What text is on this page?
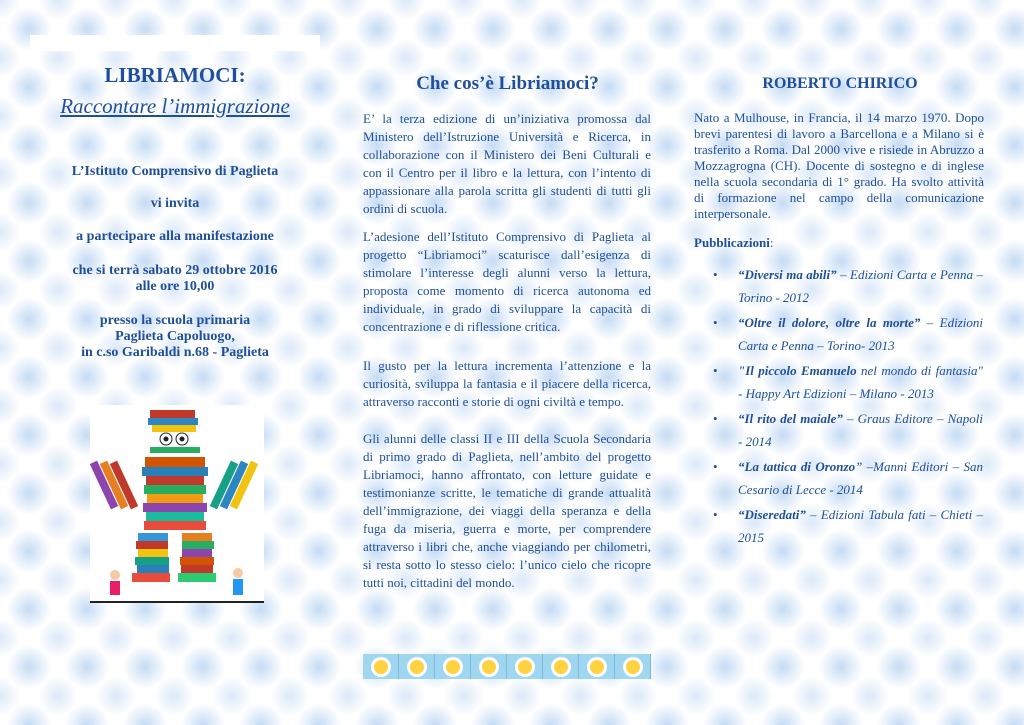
LIBRIAMOCI:
Raccontare l’immigrazione
L’Istituto Comprensivo di Paglieta
vi invita
a partecipare alla manifestazione
che si terrà sabato 29 ottobre 2016
alle ore 10,00
presso la scuola primaria
Paglieta Capoluogo,
in c.so Garibaldi n.68 - Paglieta
Che cos’è Libriamoci?
E’ la terza edizione di un’iniziativa promossa dal Ministero dell’Istruzione Università e Ricerca, in collaborazione con il Ministero dei Beni Culturali e con il Centro per il libro e la lettura, con l’intento di appassionare alla parola scritta gli studenti di tutti gli ordini di scuola.
L’adesione dell’Istituto Comprensivo di Paglieta al progetto “Libriamoci” scaturisce dall’esigenza di stimolare l’interesse degli alunni verso la lettura, proposta come momento di ricerca autonoma ed individuale, in grado di sviluppare la capacità di concentrazione e di riflessione critica.
Il gusto per la lettura incrementa l’attenzione e la curiosità, sviluppa la fantasia e il piacere della ricerca, attraverso racconti e storie di ogni civiltà e tempo.
Gli alunni delle classi II e III della Scuola Secondaria di primo grado di Paglieta, nell’ambito del progetto Libriamoci, hanno affrontato, con letture guidate e testimonianze scritte, le tematiche di grande attualità dell’immigrazione, dei viaggi della speranza e della fuga da miseria, guerra e morte, per comprendere attraverso i libri che, anche viaggiando per chilometri, si resta sotto lo stesso cielo: l’unico cielo che ricopre tutti noi, cittadini del mondo.
ROBERTO CHIRICO
Nato a Mulhouse, in Francia, il 14 marzo 1970. Dopo brevi parentesi di lavoro a Barcellona e a Milano si è trasferito a Roma. Dal 2000 vive e risiede in Abruzzo a Mozzagrogna (CH). Docente di sostegno e di inglese nella scuola secondaria di 1° grado. Ha svolto attività di formazione nel campo della comunicazione interpersonale.
Pubblicazioni:
• “Diversi ma abili” – Edizioni Carta e Penna –Torino - 2012
• “Oltre il dolore, oltre la morte” – Edizioni Carta e Penna – Torino- 2013
• "Il piccolo Emanuelo nel mondo di fantasia" - Happy Art Edizioni – Milano - 2013
• “Il rito del maiale” – Graus Editore – Napoli - 2014
• “La tattica di Oronzo” –Manni Editori – San Cesario di Lecce - 2014
• “Diseredati” – Edizioni Tabula fati – Chieti – 2015
